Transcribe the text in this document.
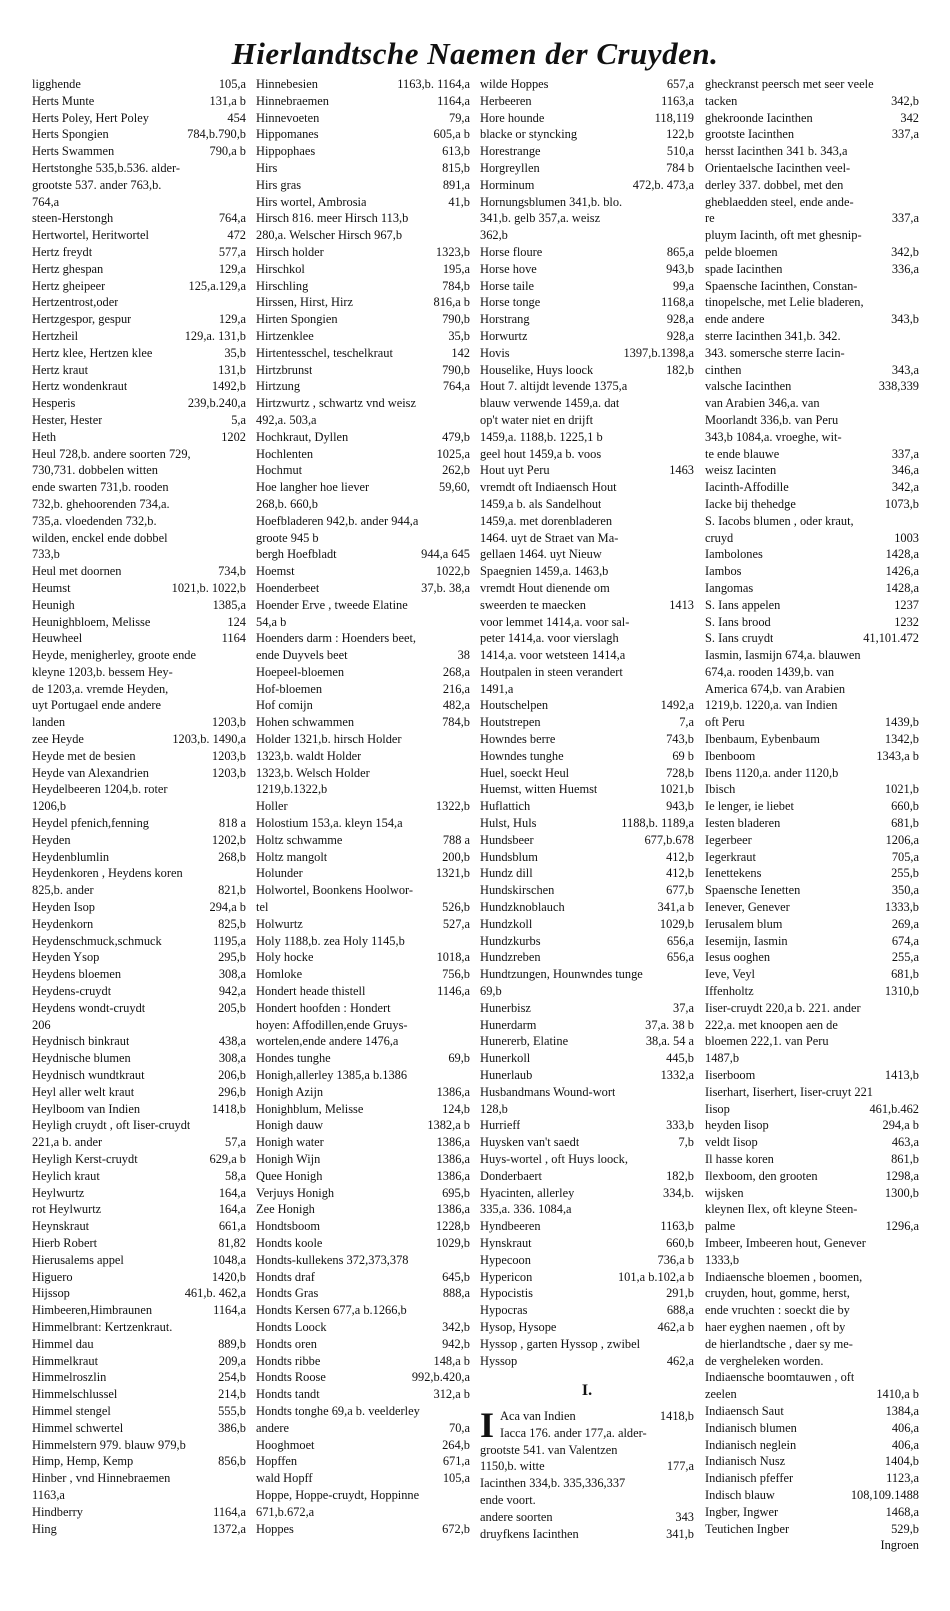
Hierlandtsche Naemen der Cruyden.
ligghende	105,a
Herts Munte	131,a b
Herts Poley, Hert Poley	454
Herts Spongien	784,b.790,b
Herts Swammen	790,a b
Hertstonghe 535,b.536. alder-
grootste 537. ander 763,b.
764,a
steen-Herstongh	764,a
Hertwortel, Heritwortel	472
Hertz freydt	577,a
Hertz ghespan	129,a
Hertz gheipeer	125,a.129,a
Hertzentrost,oder
Hertzgespor, gespur	129,a
Hertzheil	129,a. 131,b
Hertz klee, Hertzen klee	35,b
Hertz kraut	131,b
Hertz wondenkraut	1492,b
Hesperis	239,b.240,a
Hester, Hester	5,a
Heth	1202
Heul 728,b. andere soorten 729,
730,731. dobbelen witten
ende swarten 731,b. rooden
732,b. ghehoorenden 734,a.
735,a. vloedenden 732,b.
wilden, enckel ende dobbel
733,b
Heul met doornen	734,b
Heumst	1021,b. 1022,b
Heunigh	1385,a
Heunighbloem, Melisse	124
Heuwheel	1164
Heyde, menigherley, groote ende
kleyne 1203,b. bessem Hey-
de 1203,a. vremde Heyden,
uyt Portugael ende andere
landen	1203,b
zee Heyde	1203,b. 1490,a
Heyde met de besien	1203,b
Heyde van Alexandrien	1203,b
Heydelbeeren 1204,b. roter
1206,b
Heydel pfenich,fenning	818 a
Heyden	1202,b
Heydenblumlin	268,b
Heydenkoren , Heydens koren
825,b. ander	821,b
Heyden Isop	294,a b
Heydenkorn	825,b
Heydenschmuck,schmuck	1195,a
Heyden Ysop	295,b
Heydens bloemen	308,a
Heydens-cruydt	942,a
Heydens wondt-cruydt	205,b
206
Heydnisch binkraut	438,a
Heydnische blumen	308,a
Heydnisch wundtkraut	206,b
Heyl aller welt kraut	296,b
Heylboom van Indien	1418,b
Heyligh cruydt , oft Iiser-cruydt
221,a b. ander	57,a
Heyligh Kerst-cruydt	629,a b
Heylich kraut	58,a
Heylwurtz	164,a
rot Heylwurtz	164,a
Heynskraut	661,a
Hierb Robert	81,82
Hierusalems appel	1048,a
Higuero	1420,b
Hijssop	461,b. 462,a
Himbeeren,Himbraunen	1164,a
Himmelbrant: Kertzenkraut.
Himmel dau	889,b
Himmelkraut	209,a
Himmelroszlin	254,b
Himmelschlussel	214,b
Himmel stengel	555,b
Himmel schwertel	386,b
Himmelstern 979. blauw 979,b
Himp, Hemp, Kemp	856,b
Hinber , vnd Hinnebraemen
1163,a
Hindberry	1164,a
Hing	1372,a
Hinnebesien	1163,b. 1164,a
Hinnebraemen	1164,a
Hinnevoeten	79,a
Hippomanes	605,a b
Hippophaes	613,b
Hirs	815,b
Hirs gras	891,a
Hirs wortel, Ambrosia	41,b
Hirsch 816. meer Hirsch 113,b
280,a. Welscher Hirsch 967,b
Hirsch holder	1323,b
Hirschkol	195,a
Hirschling	784,b
Hirssen, Hirst, Hirz	816,a b
Hirten Spongien	790,b
Hirtzenklee	35,b
Hirtentesschel, teschelkraut	142
Hirtzbrunst	790,b
Hirtzung	764,a
Hirtzwurtz , schwartz vnd weisz
492,a. 503,a
Hochkraut, Dyllen	479,b
Hochlenten	1025,a
Hochmut	262,b
Hoe langher hoe liever	59,60,
268,b. 660,b
Hoefbladeren 942,b. ander 944,a
groote 945 b
bergh Hoefbladt	944,a 645
Hoemst	1022,b
Hoenderbeet	37,b. 38,a
Hoender Erve , tweede Elatine
54,a b
Hoenders darm : Hoenders beet,
ende Duyvels beet	38
Hoepeel-bloemen	268,a
Hof-bloemen	216,a
Hof comijn	482,a
Hohen schwammen	784,b
Holder 1321,b. hirsch Holder
1323,b. waldt Holder
1323,b. Welsch Holder
1219,b.1322,b
Holler	1322,b
Holostium 153,a. kleyn 154,a
Holtz schwamme	788 a
Holtz mangolt	200,b
Holunder	1321,b
Holwortel, Boonkens Hoolwor-
tel	526,b
Holwurtz	527,a
Holy 1188,b. zea Holy 1145,b
Holy hocke	1018,a
Homloke	756,b
Hondert heade thistell	1146,a
Hondert hoofden : Hondert
hoyen: Affodillen,ende Gruys-
wortelen,ende andere 1476,a
Hondes tunghe	69,b
Honigh,allerley 1385,a b.1386
Honigh Azijn	1386,a
Honighblum, Melisse	124,b
Honigh dauw	1382,a b
Honigh water	1386,a
Honigh Wijn	1386,a
Quee Honigh	1386,a
Verjuys Honigh	695,b
Zee Honigh	1386,a
Hondtsboom	1228,b
Hondts koole	1029,b
Hondts-kullekens 372,373,378
Hondts draf	645,b
Hondts Gras	888,a
Hondts Kersen 677,a b.1266,b
Hondts Loock	342,b
Hondts oren	942,b
Hondts ribbe	148,a b
Hondts Roose	992,b.420,a
Hondts tandt	312,a b
Hondts tonghe 69,a b. veelderley
andere	70,a
Hooghmoet	264,b
Hopffen	671,a
wald Hopff	105,a
Hoppe, Hoppe-cruydt, Hoppinne
671,b.672,a
Hoppes	672,b
I.
I Aca van Indien	1418,b
Iacca 176. ander 177,a. alder-
grootste 541. van Valentzen
1150,b. witte	177,a
Iacinthen 334,b. 335,336,337
ende voort.
andere soorten	343
druyfkens Iacinthen	341,b
wilde Hoppes	657,a
Herbeeren	1163,a
Hore hounde	118,119
blacke or styncking	122,b
Horestrange	510,a
Horgreyllen	784 b
Horminum	472,b. 473,a
Hornungsblumen 341,b. blo.
341,b. gelb 357,a. weisz
362,b
Horse floure	865,a
Horse hove	943,b
Horse taile	99,a
Horse tonge	1168,a
Horstrang	928,a
Horwurtz	928,a
Hovis	1397,b.1398,a
Houselike, Huys loock	182,b
Hout 7. altijdt levende 1375,a
blauw verwende 1459,a. dat
op't water niet en drijft
1459,a. 1188,b. 1225,1 b
geel hout 1459,a b. voos
Hout uyt Peru	1463
vremdt oft Indiaensch Hout
1459,a b. als Sandelhout
1459,a. met dorenbladeren
1464. uyt de Straet van Ma-
gellaen 1464. uyt Nieuw
Spaegnien 1459,a. 1463,b
vremdt Hout dienende om
sweerden te maecken	1413
voor lemmet 1414,a. voor sal-
peter 1414,a. voor vierslagh
1414,a. voor wetsteen 1414,a
Houtpalen in steen verandert
1491,a
Houtschelpen	1492,a
Houtstrepen	7,a
Howndes berre	743,b
Howndes tunghe	69 b
Huel, soeckt Heul	728,b
Huemst, witten Huemst	1021,b
Huflattich	943,b
Hulst, Huls	1188,b. 1189,a
Hundsbeer	677,b.678
Hundsblum	412,b
Hundz dill	412,b
Hundskirschen	677,b
Hundzknoblauch	341,a b
Hundzkoll	1029,b
Hundzkurbs	656,a
Hundzreben	656,a
Hundtzungen, Hounwndes tunge
69,b
Hunerbisz	37,a
Hunerdarm	37,a. 38 b
Hunererb, Elatine	38,a. 54 a
Hunerkoll	445,b
Hunerlaub	1332,a
Husbandmans Wound-wort
128,b
Hurrieff	333,b
Huysken van't saedt	7,b
Huys-wortel , oft Huys loock,
Donderbaert	182,b
Hyacinten, allerley	334,b.
335,a. 336. 1084,a
Hyndbeeren	1163,b
Hynskraut	660,b
Hypecoon	736,a b
Hypericon	101,a b.102,a b
Hypocistis	291,b
Hypocras	688,a
Hysop, Hysope	462,a b
Hyssop , garten Hyssop , zwibel
Hyssop	462,a
gheckranst peersch met seer veele
tacken	342,b
ghekroonde Iacinthen	342
grootste Iacinthen	337,a
hersst Iacinthen 341 b. 343,a
Orientaelsche Iacinthen veel-
derley 337. dobbel, met den
gheblaedden steel, ende ande-
re	337,a
pluym Iacinth, oft met ghesnip-
pelde bloemen	342,b
spade Iacinthen	336,a
Spaensche Iacinthen, Constan-
tinopelsche, met Lelie bladeren,
ende andere	343,b
sterre Iacinthen 341,b. 342.
343. somersche sterre Iacin-
cinthen	343,a
valsche Iacinthen	338,339
van Arabien 346,a. van
Moorlandt 336,b. van Peru
343,b 1084,a. vroeghe, wit-
te ende blauwe	337,a
weisz Iacinten	346,a
Iacinth-Affodille	342,a
Iacke bij thehedge	1073,b
S. Iacobs blumen , oder kraut,
cruyd	1003
Iambolones	1428,a
Iambos	1426,a
Iangomas	1428,a
S. Ians appelen	1237
S. Ians brood	1232
S. Ians cruydt	41,101.472
Iasmin, Iasmijn 674,a. blauwen
674,a. rooden 1439,b. van
America 674,b. van Arabien
1219,b. 1220,a. van Indien
oft Peru	1439,b
Ibenbaum, Eybenbaum	1342,b
Ibenboom	1343,a b
Ibens 1120,a. ander 1120,b
Ibisch	1021,b
Ie lenger, ie liebet	660,b
Iesten bladeren	681,b
Iegerbeer	1206,a
Iegerkraut	705,a
Ienettekens	255,b
Spaensche Ienetten	350,a
Ienever, Genever	1333,b
Ierusalem blum	269,a
Iesemijn, Iasmin	674,a
Iesus ooghen	255,a
Ieve, Veyl	681,b
Iffenholtz	1310,b
Iiser-cruydt 220,a b. 221. ander
222,a. met knoopen aen de
bloemen 222,1. van Peru
1487,b
Iiserboom	1413,b
Iiserhart, Iiserhert, Iiser-cruyt 221
Iisop	461,b.462
heyden Iisop	294,a b
veldt Iisop	463,a
Il hasse koren	861,b
Ilexboom, den grooten	1298,a
wijsken	1300,b
kleynen Ilex, oft kleyne Steen-
palme	1296,a
Imbeer, Imbeeren hout, Genever
1333,b
Indiaensche bloemen , boomen,
cruyden, hout, gomme, herst,
ende vruchten : soeckt die by
haer eyghen naemen , oft by
de hierlandtsche , daer sy me-
de vergheleken worden.
Indiaensche boomtauwen , oft
zeelen	1410,a b
Indiaensch Saut	1384,a
Indianisch blumen	406,a
Indianisch neglein	406,a
Indianisch Nusz	1404,b
Indianisch pfeffer	1123,a
Indisch blauw	108,109.1488
Ingber, Ingwer	1468,a
Teutichen Ingber	529,b
Ingroen
